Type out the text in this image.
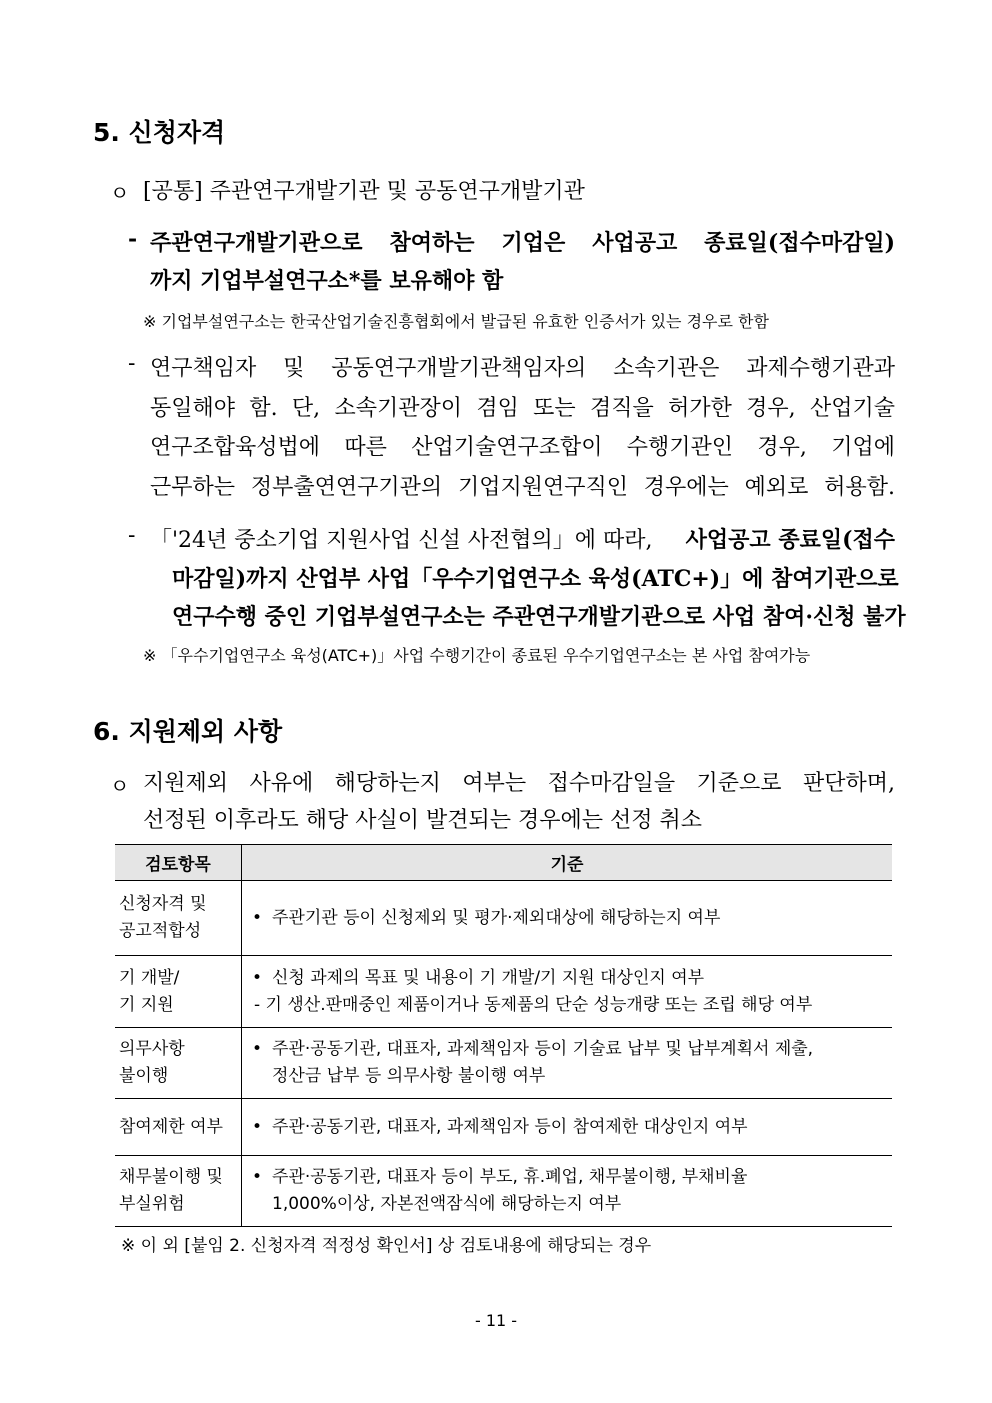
5. 신청자격
ㅇ [공통] 주관연구개발기관 및 공동연구개발기관
- 주관연구개발기관으로 참여하는 기업은 사업공고 종료일(접수마감일)
까지 기업부설연구소*를 보유해야 함
※ 기업부설연구소는 한국산업기술진흥협회에서 발급된 유효한 인증서가 있는 경우로 한함
- 연구책임자 및 공동연구개발기관책임자의 소속기관은 과제수행기관과
동일해야 함. 단, 소속기관장이 겸임 또는 겸직을 허가한 경우, 산업기술
연구조합육성법에 따른 산업기술연구조합이 수행기관인 경우, 기업에
근무하는 정부출연연구기관의 기업지원연구직인 경우에는 예외로 허용함.
- 「'24년 중소기업 지원사업 신설 사전협의」에 따라, 사업공고 종료일(접수
마감일)까지 산업부 사업「우수기업연구소 육성(ATC+)」에 참여기관으로
연구수행 중인 기업부설연구소는 주관연구개발기관으로 사업 참여·신청 불가
※ 「우수기업연구소 육성(ATC+)」사업 수행기간이 종료된 우수기업연구소는 본 사업 참여가능
6. 지원제외 사항
ㅇ 지원제외 사유에 해당하는지 여부는 접수마감일을 기준으로 판단하며,
선정된 이후라도 해당 사실이 발견되는 경우에는 선정 취소
검토항목	기준
신청자격 및
공고적합성	• 주관기관 등이 신청제외 및 평가·제외대상에 해당하는지 여부

기 개발/
기 지원	• 신청 과제의 목표 및 내용이 기 개발/기 지원 대상인지 여부
- 기 생산.판매중인 제품이거나 동제품의 단순 성능개량 또는 조립 해당 여부

의무사항
불이행	• 주관·공동기관, 대표자, 과제책임자 등이 기술료 납부 및 납부계획서 제출,
정산금 납부 등 의무사항 불이행 여부

참여제한 여부	• 주관·공동기관, 대표자, 과제책임자 등이 참여제한 대상인지 여부

채무불이행 및
부실위험	• 주관·공동기관, 대표자 등이 부도, 휴.폐업, 채무불이행, 부채비율
1,000%이상, 자본전액잠식에 해당하는지 여부
※ 이 외 [붙임 2. 신청자격 적정성 확인서] 상 검토내용에 해당되는 경우
- 11 -
